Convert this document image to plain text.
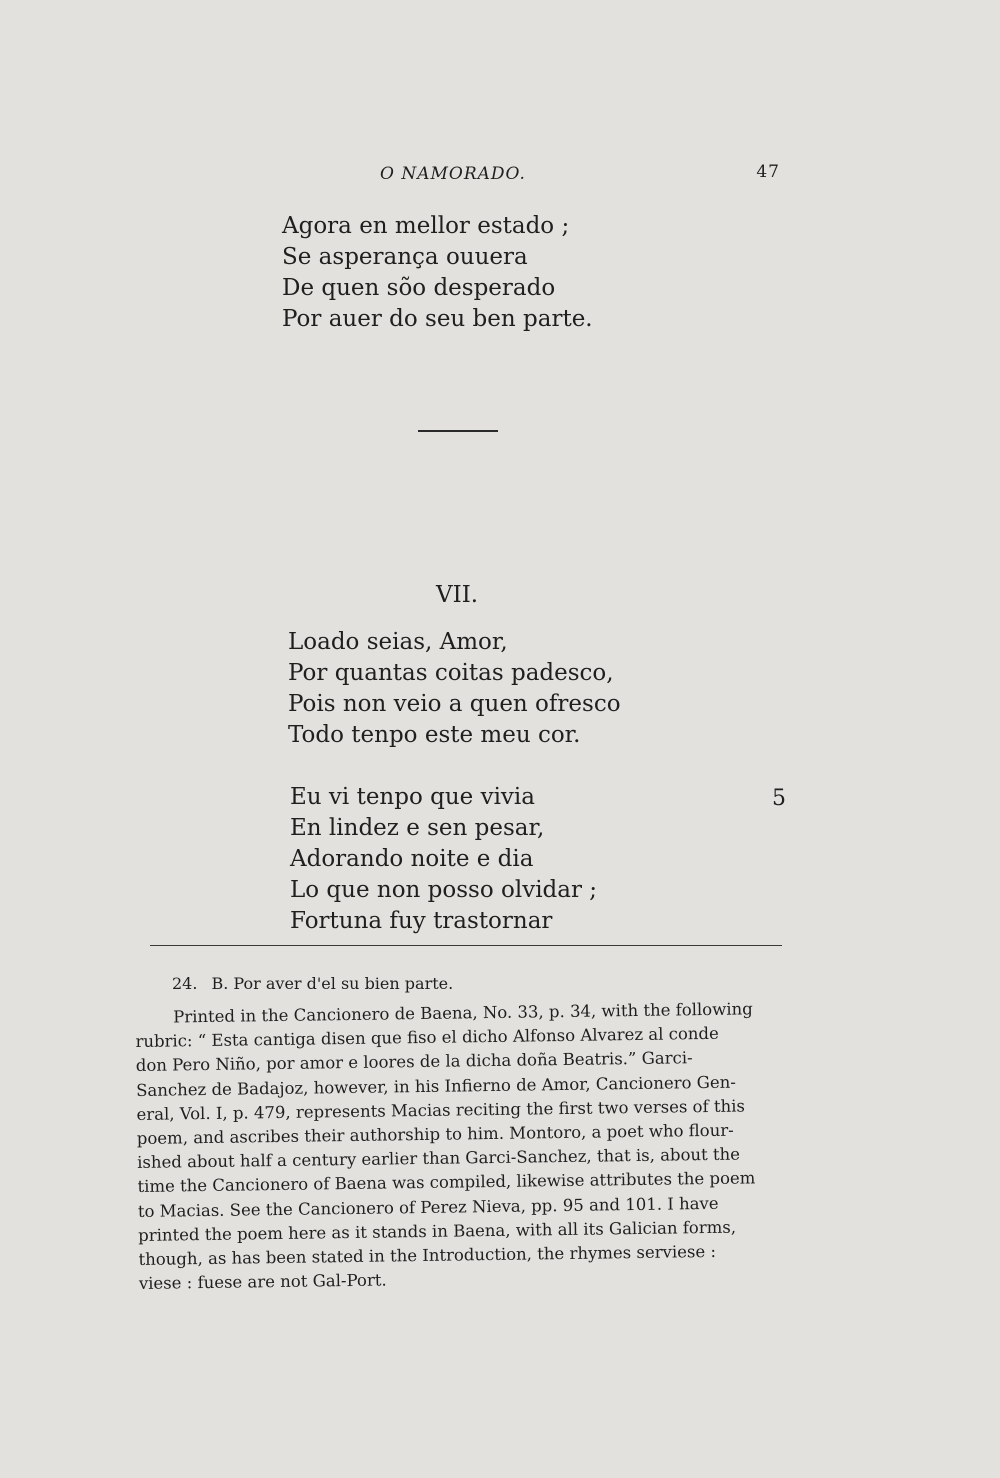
O NAMORADO.	47
Agora en mellor estado ;
Se asperança ouuera
De quen sõo desperado
Por auer do seu ben parte.
VII.
Loado seias, Amor,
Por quantas coitas padesco,
Pois non veio a quen ofresco
Todo tenpo este meu cor.
Eu vi tenpo que vivia
En lindez e sen pesar,
Adorando noite e dia
Lo que non posso olvidar ;
Fortuna fuy trastornar
5
24. B. Por aver d'el su bien parte.
Printed in the Cancionero de Baena, No. 33, p. 34, with the following
rubric: “ Esta cantiga disen que fiso el dicho Alfonso Alvarez al conde
don Pero Niño, por amor e loores de la dicha doña Beatris.” Garci-
Sanchez de Badajoz, however, in his Infierno de Amor, Cancionero Gen-
eral, Vol. I, p. 479, represents Macias reciting the first two verses of this
poem, and ascribes their authorship to him. Montoro, a poet who flour-
ished about half a century earlier than Garci-Sanchez, that is, about the
time the Cancionero of Baena was compiled, likewise attributes the poem
to Macias. See the Cancionero of Perez Nieva, pp. 95 and 101. I have
printed the poem here as it stands in Baena, with all its Galician forms,
though, as has been stated in the Introduction, the rhymes serviese :
viese : fuese are not Gal-Port.
